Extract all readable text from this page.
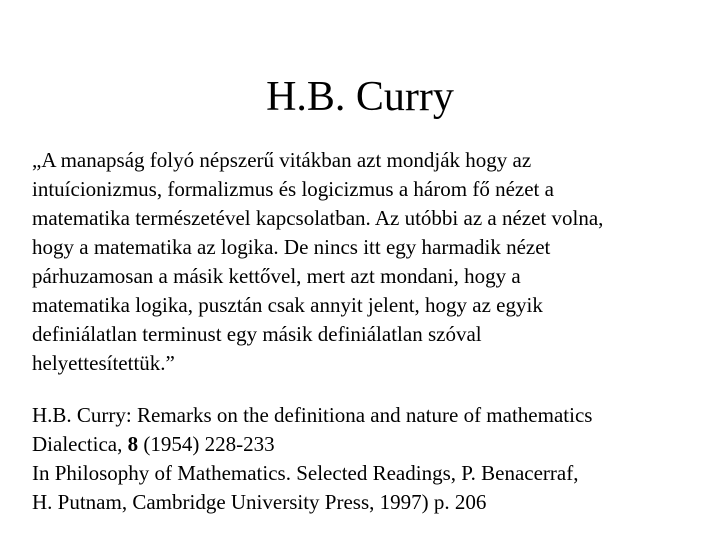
H.B. Curry
„A manapság folyó népszerű vitákban azt mondják hogy az
intuícionizmus, formalizmus és logicizmus a három fő nézet a
matematika természetével kapcsolatban. Az utóbbi az a nézet volna,
hogy a matematika az logika. De nincs itt egy harmadik nézet
párhuzamosan a másik kettővel, mert azt mondani, hogy a
matematika logika, pusztán csak annyit jelent, hogy az egyik
definiálatlan terminust egy másik definiálatlan szóval
helyettesítettük.”
H.B. Curry: Remarks on the definitiona and nature of mathematics
Dialectica, 8 (1954) 228-233
In Philosophy of Mathematics. Selected Readings, P. Benacerraf,
H. Putnam, Cambridge University Press, 1997) p. 206
